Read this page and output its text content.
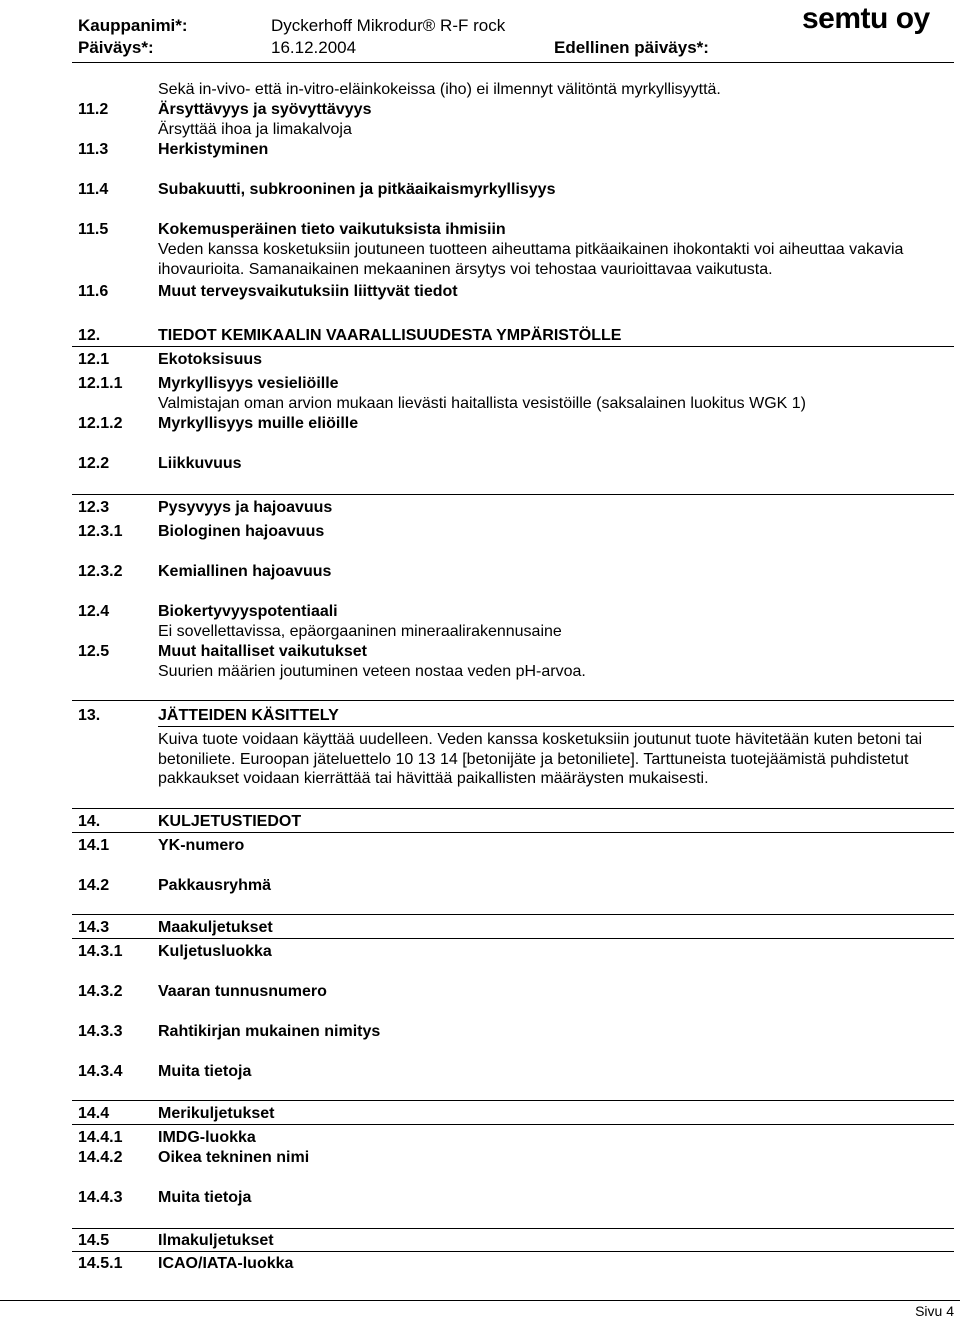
Kauppanimi*:	Dyckerhoff Mikrodur® R-F rock
Päiväys*:	16.12.2004	Edellinen päiväys*:
semtu oy
Sekä in-vivo- että in-vitro-eläinkokeissa (iho) ei ilmennyt välitöntä myrkyllisyyttä.
11.2	Ärsyttävyys ja syövyttävyys
Ärsyttää ihoa ja limakalvoja
11.3	Herkistyminen
11.4	Subakuutti, subkrooninen ja pitkäaikaismyrkyllisyys
11.5	Kokemusperäinen tieto vaikutuksista ihmisiin
Veden kanssa kosketuksiin joutuneen tuotteen aiheuttama pitkäaikainen ihokontakti voi aiheuttaa vakavia ihovaurioita. Samanaikainen mekaaninen ärsytys voi tehostaa vaurioittavaa vaikutusta.
11.6	Muut terveysvaikutuksiin liittyvät tiedot
12.	TIEDOT KEMIKAALIN VAARALLISUUDESTA YMPÄRISTÖLLE
12.1	Ekotoksisuus
12.1.1 Myrkyllisyys vesieliöille
Valmistajan oman arvion mukaan lievästi haitallista vesistöille (saksalainen luokitus WGK 1)
12.1.2 Myrkyllisyys muille eliöille
12.2	Liikkuvuus
12.3	Pysyvyys ja hajoavuus
12.3.1 Biologinen hajoavuus
12.3.2 Kemiallinen hajoavuus
12.4	Biokertyvyyspotentiaali
Ei sovellettavissa, epäorgaaninen mineraalirakennusaine
12.5	Muut haitalliset vaikutukset
Suurien määrien joutuminen veteen nostaa veden pH-arvoa.
13.	JÄTTEIDEN KÄSITTELY
Kuiva tuote voidaan käyttää uudelleen. Veden kanssa kosketuksiin joutunut tuote hävitetään kuten betoni tai betoniliete. Euroopan jäteluettelo 10 13 14 [betonijäte ja betoniliete]. Tarttuneista tuotejäämistä puhdistetut pakkaukset voidaan kierrättää tai hävittää paikallisten määräysten mukaisesti.
14.	KULJETUSTIEDOT
14.1	YK-numero
14.2	Pakkausryhmä
14.3	Maakuljetukset
14.3.1 Kuljetusluokka
14.3.2 Vaaran tunnusnumero
14.3.3 Rahtikirjan mukainen nimitys
14.3.4 Muita tietoja
14.4	Merikuljetukset
14.4.1 IMDG-luokka
14.4.2 Oikea tekninen nimi
14.4.3 Muita tietoja
14.5	Ilmakuljetukset
14.5.1 ICAO/IATA-luokka
Sivu 4
